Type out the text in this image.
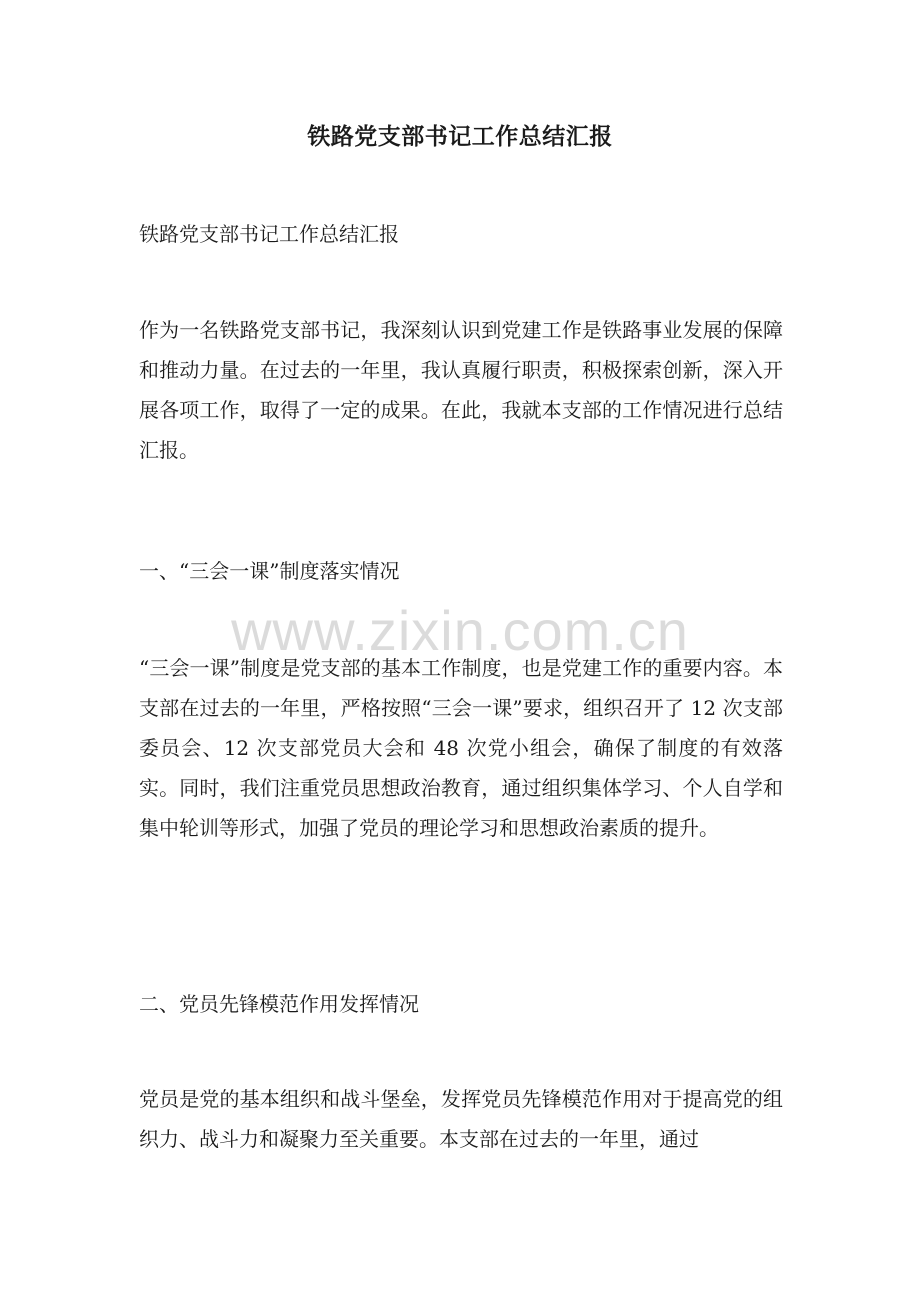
铁路党支部书记工作总结汇报

铁路党支部书记工作总结汇报

作为一名铁路党支部书记，我深刻认识到党建工作是铁路事业发展的保障和推动力量。在过去的一年里，我认真履行职责，积极探索创新，深入开展各项工作，取得了一定的成果。在此，我就本支部的工作情况进行总结汇报。

一、“三会一课”制度落实情况

“三会一课”制度是党支部的基本工作制度，也是党建工作的重要内容。本支部在过去的一年里，严格按照“三会一课”要求，组织召开了 12 次支部委员会、12 次支部党员大会和 48 次党小组会，确保了制度的有效落实。同时，我们注重党员思想政治教育，通过组织集体学习、个人自学和集中轮训等形式，加强了党员的理论学习和思想政治素质的提升。

二、党员先锋模范作用发挥情况

党员是党的基本组织和战斗堡垒，发挥党员先锋模范作用对于提高党的组织力、战斗力和凝聚力至关重要。本支部在过去的一年里，通过

www.zixin.com.cn
